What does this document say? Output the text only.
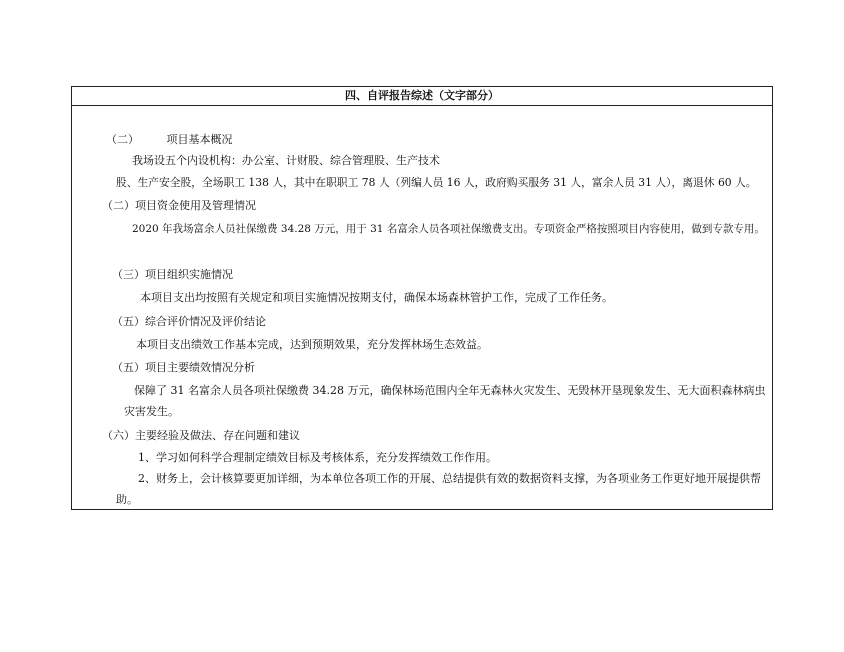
四、自评报告综述（文字部分）
（二）　　　项目基本概况
我场设五个内设机构：办公室、计财股、综合管理股、生产技术
股、生产安全股，全场职工 138 人，其中在职职工 78 人（列编人员 16 人，政府购买服务 31 人，富余人员 31 人），离退休 60 人。
（二）项目资金使用及管理情况
2020 年我场富余人员社保缴费 34.28 万元，用于 31 名富余人员各项社保缴费支出。专项资金严格按照项目内容使用，做到专款专用。
（三）项目组织实施情况
本项目支出均按照有关规定和项目实施情况按期支付，确保本场森林管护工作，完成了工作任务。
（五）综合评价情况及评价结论
本项目支出绩效工作基本完成，达到预期效果，充分发挥林场生态效益。
（五）项目主要绩效情况分析
保障了 31 名富余人员各项社保缴费 34.28 万元，确保林场范围内全年无森林火灾发生、无毁林开垦现象发生、无大面积森林病虫
灾害发生。
（六）主要经验及做法、存在问题和建议
1、学习如何科学合理制定绩效目标及考核体系，充分发挥绩效工作作用。
2、财务上，会计核算要更加详细，为本单位各项工作的开展、总结提供有效的数据资料支撑，为各项业务工作更好地开展提供帮
助。
